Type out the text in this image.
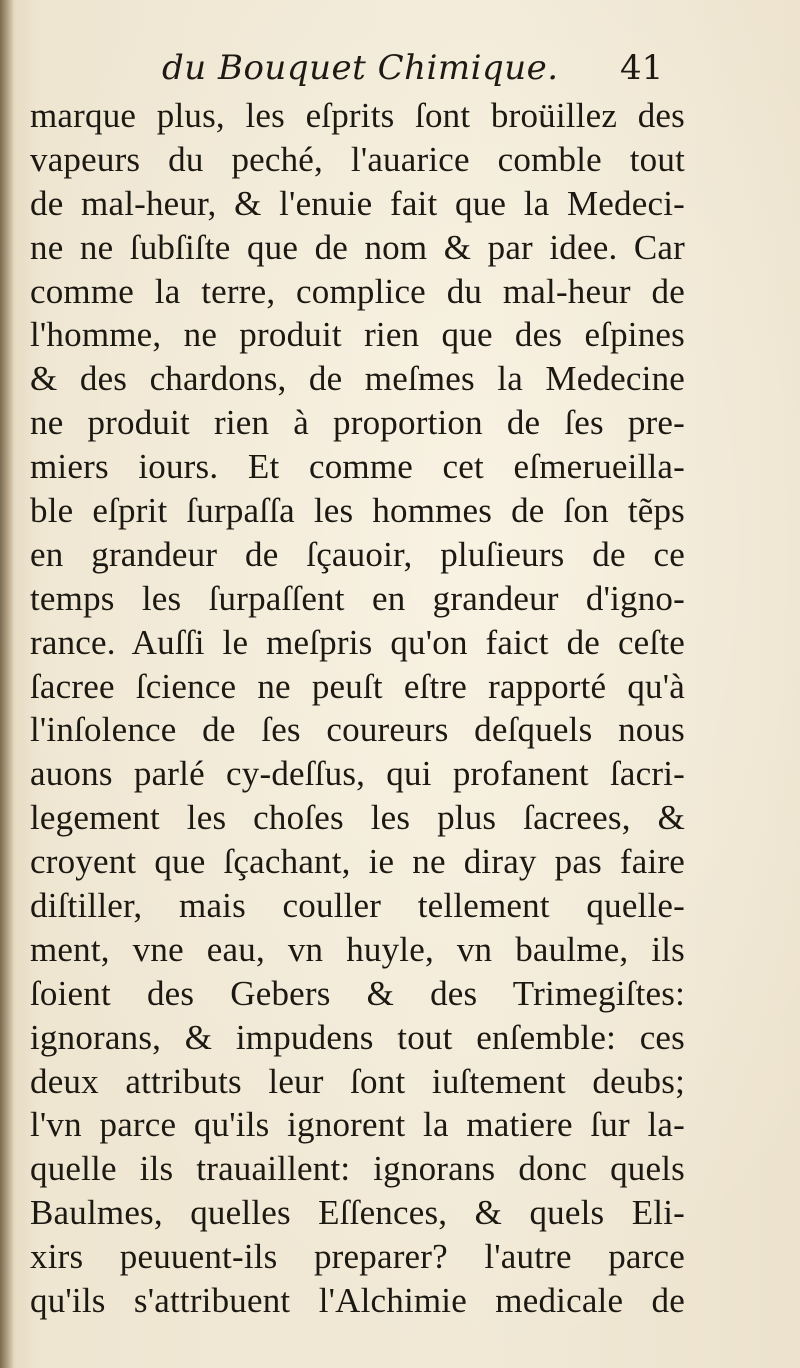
du Bouquet Chimique. 41
marque plus, les eſprits ſont broüillez des
vapeurs du peché, l'auarice comble tout
de mal-heur, & l'enuie fait que la Medeci-
ne ne ſubſiſte que de nom & par idee. Car
comme la terre, complice du mal-heur de
l'homme, ne produit rien que des eſpines
& des chardons, de meſmes la Medecine
ne produit rien à proportion de ſes pre-
miers iours. Et comme cet eſmerueilla-
ble eſprit ſurpaſſa les hommes de ſon tẽps
en grandeur de ſçauoir, pluſieurs de ce
temps les ſurpaſſent en grandeur d'igno-
rance. Auſſi le meſpris qu'on faict de ceſte
ſacree ſcience ne peuſt eſtre rapporté qu'à
l'inſolence de ſes coureurs deſquels nous
auons parlé cy-deſſus, qui profanent ſacri-
legement les choſes les plus ſacrees, &
croyent que ſçachant, ie ne diray pas faire
diſtiller, mais couller tellement quelle-
ment, vne eau, vn huyle, vn baulme, ils
ſoient des Gebers & des Trimegiſtes:
ignorans, & impudens tout enſemble: ces
deux attributs leur ſont iuſtement deubs;
l'vn parce qu'ils ignorent la matiere ſur la-
quelle ils trauaillent: ignorans donc quels
Baulmes, quelles Eſſences, & quels Eli-
xirs peuuent-ils preparer? l'autre parce
qu'ils s'attribuent l'Alchimie medicale de
